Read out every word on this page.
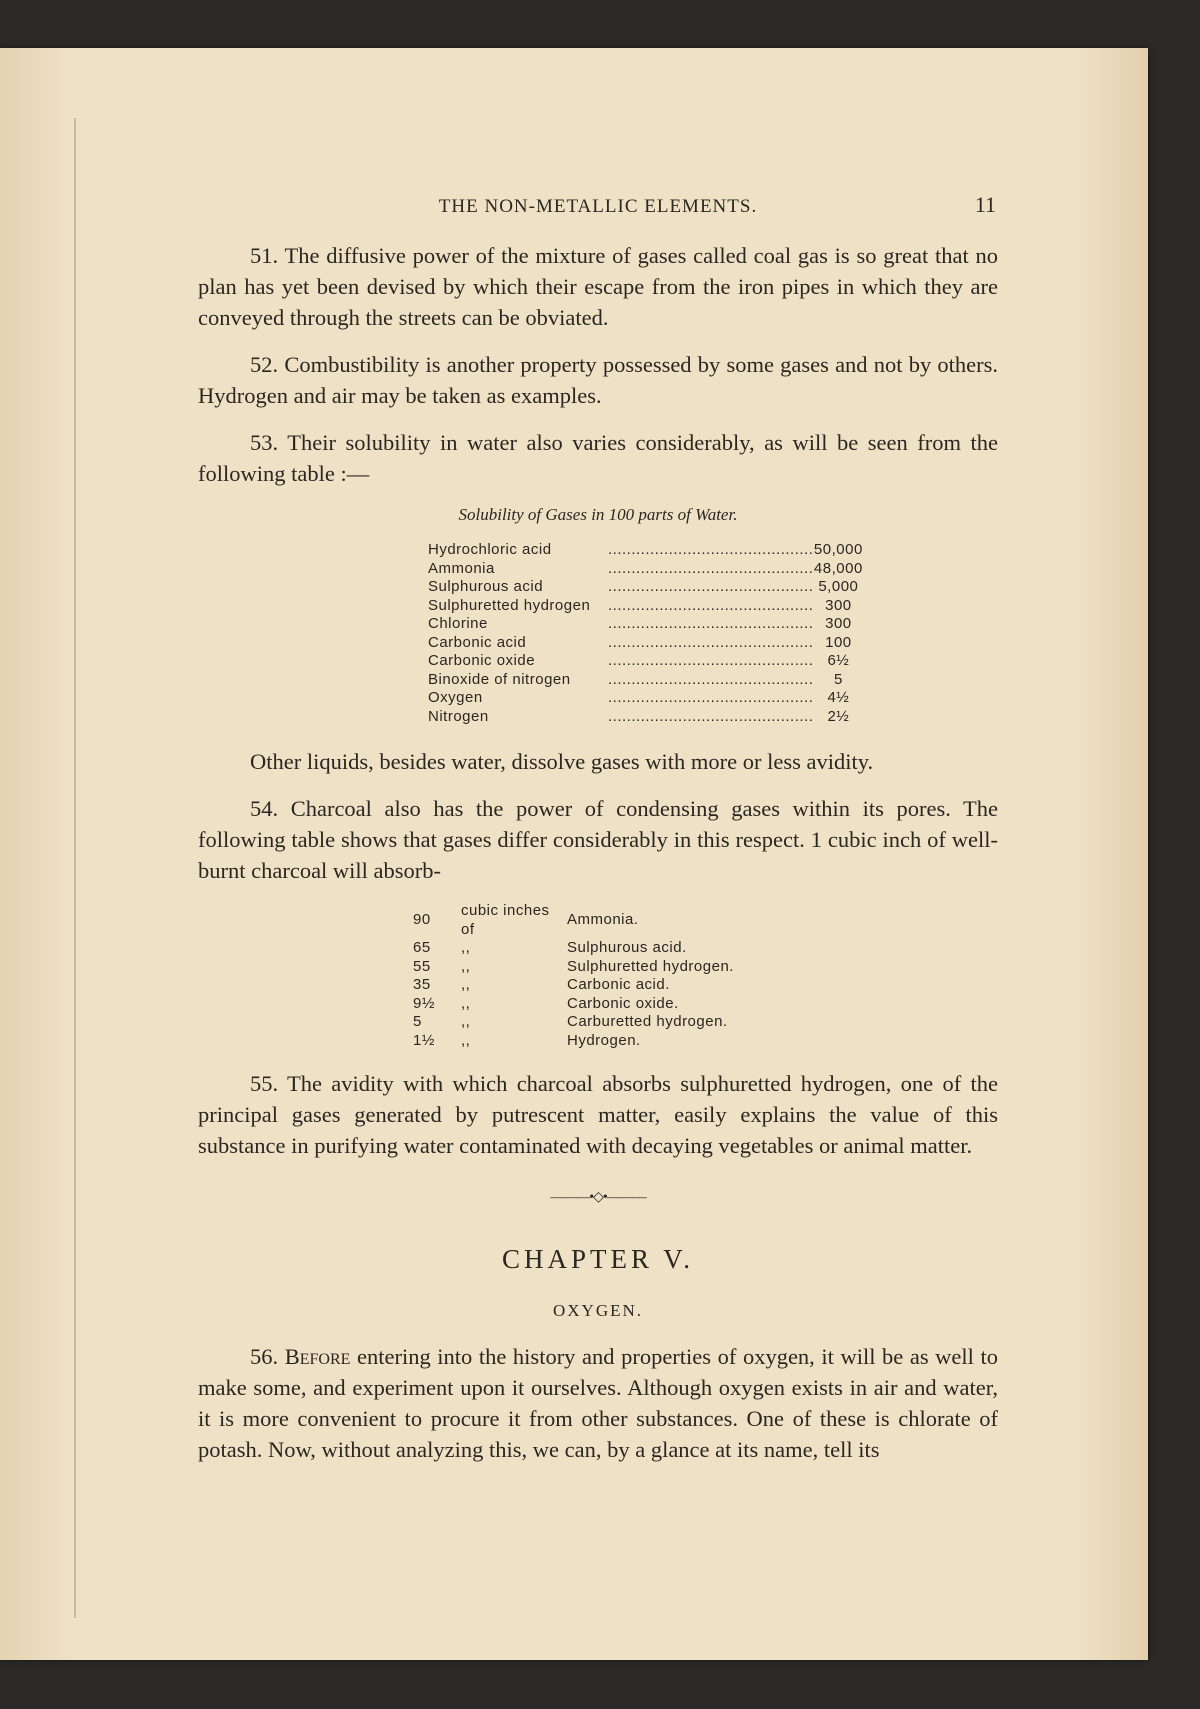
THE NON-METALLIC ELEMENTS.	11

51. The diffusive power of the mixture of gases called coal gas is so great that no plan has yet been devised by which their escape from the iron pipes in which they are conveyed through the streets can be obviated.

52. Combustibility is another property possessed by some gases and not by others. Hydrogen and air may be taken as examples.

53. Their solubility in water also varies considerably, as will be seen from the following table :—

Solubility of Gases in 100 parts of Water.
Hydrochloric acid	............................................	50,000
Ammonia	............................................	48,000
Sulphurous acid	............................................	5,000
Sulphuretted hydrogen	............................................	300
Chlorine	............................................	300
Carbonic acid	............................................	100
Carbonic oxide	............................................	6½
Binoxide of nitrogen	............................................	5
Oxygen	............................................	4½
Nitrogen	............................................	2½

Other liquids, besides water, dissolve gases with more or less avidity.

54. Charcoal also has the power of condensing gases within its pores. The following table shows that gases differ considerably in this respect. 1 cubic inch of well-burnt charcoal will absorb-

90	cubic inches of	Ammonia.
65	,,	Sulphurous acid.
55	,,	Sulphuretted hydrogen.
35	,,	Carbonic acid.
9½	,,	Carbonic oxide.
5	,,	Carburetted hydrogen.
1½	,,	Hydrogen.

55. The avidity with which charcoal absorbs sulphuretted hydrogen, one of the principal gases generated by putrescent matter, easily explains the value of this substance in purifying water contaminated with decaying vegetables or animal matter.

———•◇•———
CHAPTER V.
OXYGEN.

56. Before entering into the history and properties of oxygen, it will be as well to make some, and experiment upon it ourselves. Although oxygen exists in air and water, it is more convenient to procure it from other substances. One of these is chlorate of potash. Now, without analyzing this, we can, by a glance at its name, tell its
